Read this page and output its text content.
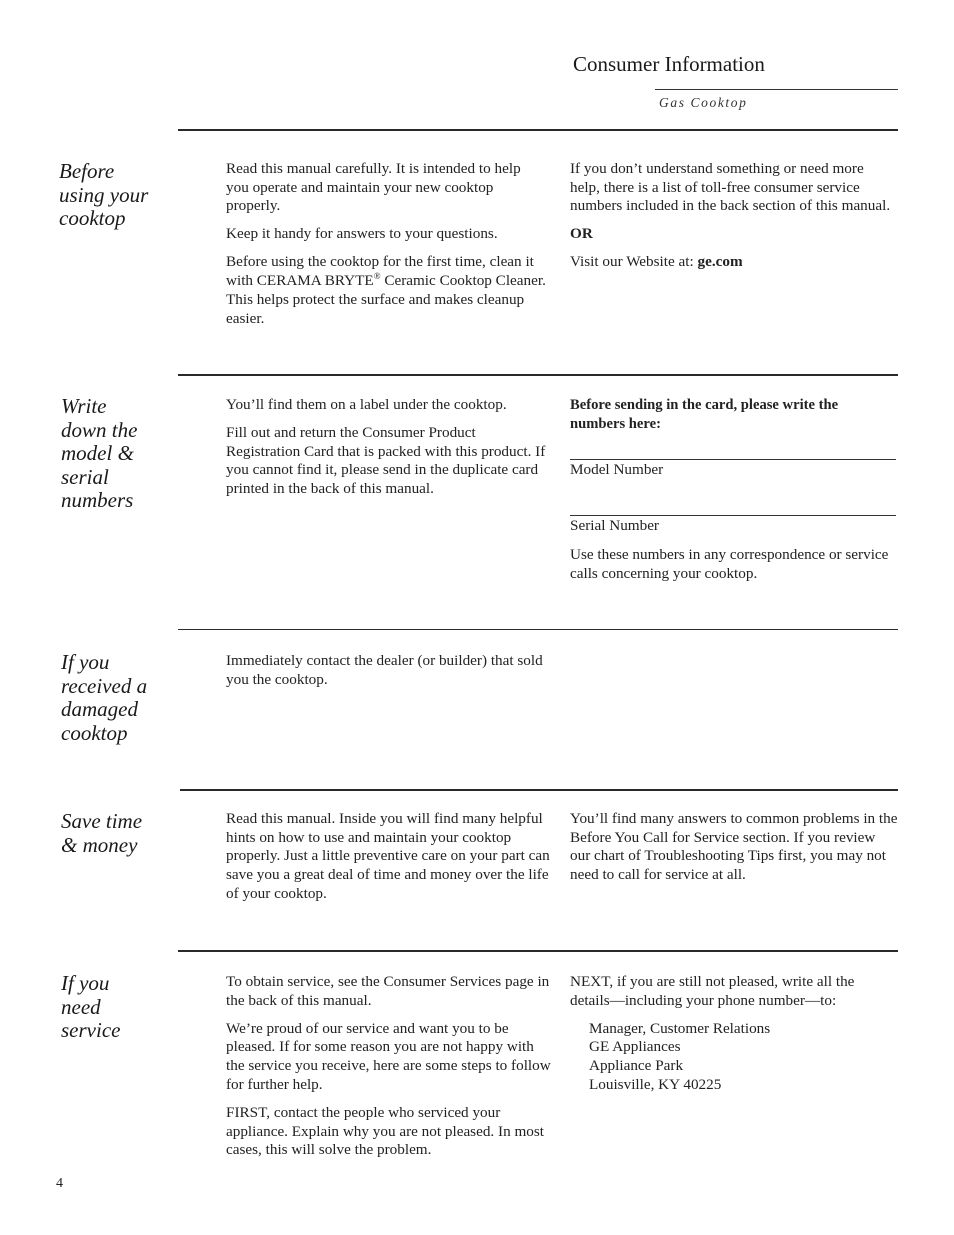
Consumer Information
Gas Cooktop
Before
using your
cooktop

Read this manual carefully. It is intended to help you operate and maintain your new cooktop properly.

Keep it handy for answers to your questions.

Before using the cooktop for the first time, clean it with CERAMA BRYTE® Ceramic Cooktop Cleaner. This helps protect the surface and makes cleanup easier.

If you don’t understand something or need more help, there is a list of toll-free consumer service numbers included in the back section of this manual.

OR

Visit our Website at: ge.com

Write
down the
model &
serial
numbers

You’ll find them on a label under the cooktop.

Fill out and return the Consumer Product Registration Card that is packed with this product. If you cannot find it, please send in the duplicate card printed in the back of this manual.

Before sending in the card, please write the numbers here:
Model Number
Serial Number
Use these numbers in any correspondence or service calls concerning your cooktop.
If you
received a
damaged
cooktop
Immediately contact the dealer (or builder) that sold you the cooktop.
Save time
& money
Read this manual. Inside you will find many helpful hints on how to use and maintain your cooktop properly. Just a little preventive care on your part can save you a great deal of time and money over the life of your cooktop.
You’ll find many answers to common problems in the Before You Call for Service section. If you review our chart of Troubleshooting Tips first, you may not need to call for service at all.
If you
need
service

To obtain service, see the Consumer Services page in the back of this manual.

We’re proud of our service and want you to be pleased. If for some reason you are not happy with the service you receive, here are some steps to follow for further help.

FIRST, contact the people who serviced your appliance. Explain why you are not pleased. In most cases, this will solve the problem.

NEXT, if you are still not pleased, write all the details—including your phone number—to:

Manager, Customer Relations
GE Appliances
Appliance Park
Louisville, KY 40225
4
